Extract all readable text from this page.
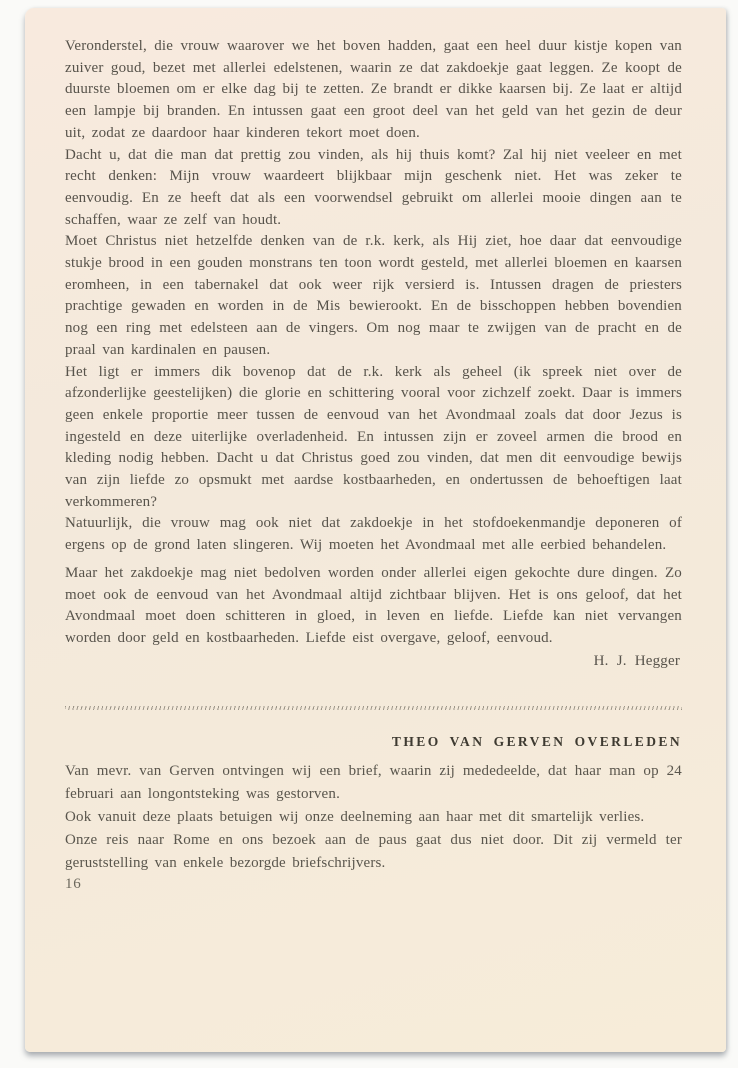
Veronderstel, die vrouw waarover we het boven hadden, gaat een heel duur kistje kopen van zuiver goud, bezet met allerlei edelstenen, waarin ze dat zakdoekje gaat leggen. Ze koopt de duurste bloemen om er elke dag bij te zetten. Ze brandt er dikke kaarsen bij. Ze laat er altijd een lampje bij branden. En intussen gaat een groot deel van het geld van het gezin de deur uit, zodat ze daardoor haar kinderen tekort moet doen.

Dacht u, dat die man dat prettig zou vinden, als hij thuis komt? Zal hij niet veeleer en met recht denken: Mijn vrouw waardeert blijkbaar mijn geschenk niet. Het was zeker te eenvoudig. En ze heeft dat als een voorwendsel gebruikt om allerlei mooie dingen aan te schaffen, waar ze zelf van houdt.

Moet Christus niet hetzelfde denken van de r.k. kerk, als Hij ziet, hoe daar dat eenvoudige stukje brood in een gouden monstrans ten toon wordt gesteld, met allerlei bloemen en kaarsen eromheen, in een tabernakel dat ook weer rijk versierd is. Intussen dragen de priesters prachtige gewaden en worden in de Mis bewierookt. En de bisschoppen hebben bovendien nog een ring met edelsteen aan de vingers. Om nog maar te zwijgen van de pracht en de praal van kardinalen en pausen.

Het ligt er immers dik bovenop dat de r.k. kerk als geheel (ik spreek niet over de afzonderlijke geestelijken) die glorie en schittering vooral voor zichzelf zoekt. Daar is immers geen enkele proportie meer tussen de eenvoud van het Avondmaal zoals dat door Jezus is ingesteld en deze uiterlijke overladenheid. En intussen zijn er zoveel armen die brood en kleding nodig hebben. Dacht u dat Christus goed zou vinden, dat men dit eenvoudige bewijs van zijn liefde zo opsmukt met aardse kostbaarheden, en ondertussen de behoeftigen laat verkommeren?

Natuurlijk, die vrouw mag ook niet dat zakdoekje in het stofdoekenmandje deponeren of ergens op de grond laten slingeren. Wij moeten het Avondmaal met alle eerbied behandelen.

Maar het zakdoekje mag niet bedolven worden onder allerlei eigen gekochte dure dingen. Zo moet ook de eenvoud van het Avondmaal altijd zichtbaar blijven. Het is ons geloof, dat het Avondmaal moet doen schitteren in gloed, in leven en liefde. Liefde kan niet vervangen worden door geld en kostbaarheden. Liefde eist overgave, geloof, eenvoud.

H. J. Hegger

THEO VAN GERVEN OVERLEDEN

Van mevr. van Gerven ontvingen wij een brief, waarin zij mededeelde, dat haar man op 24 februari aan longontsteking was gestorven.

Ook vanuit deze plaats betuigen wij onze deelneming aan haar met dit smartelijk verlies.

Onze reis naar Rome en ons bezoek aan de paus gaat dus niet door. Dit zij vermeld ter geruststelling van enkele bezorgde briefschrijvers.

16
